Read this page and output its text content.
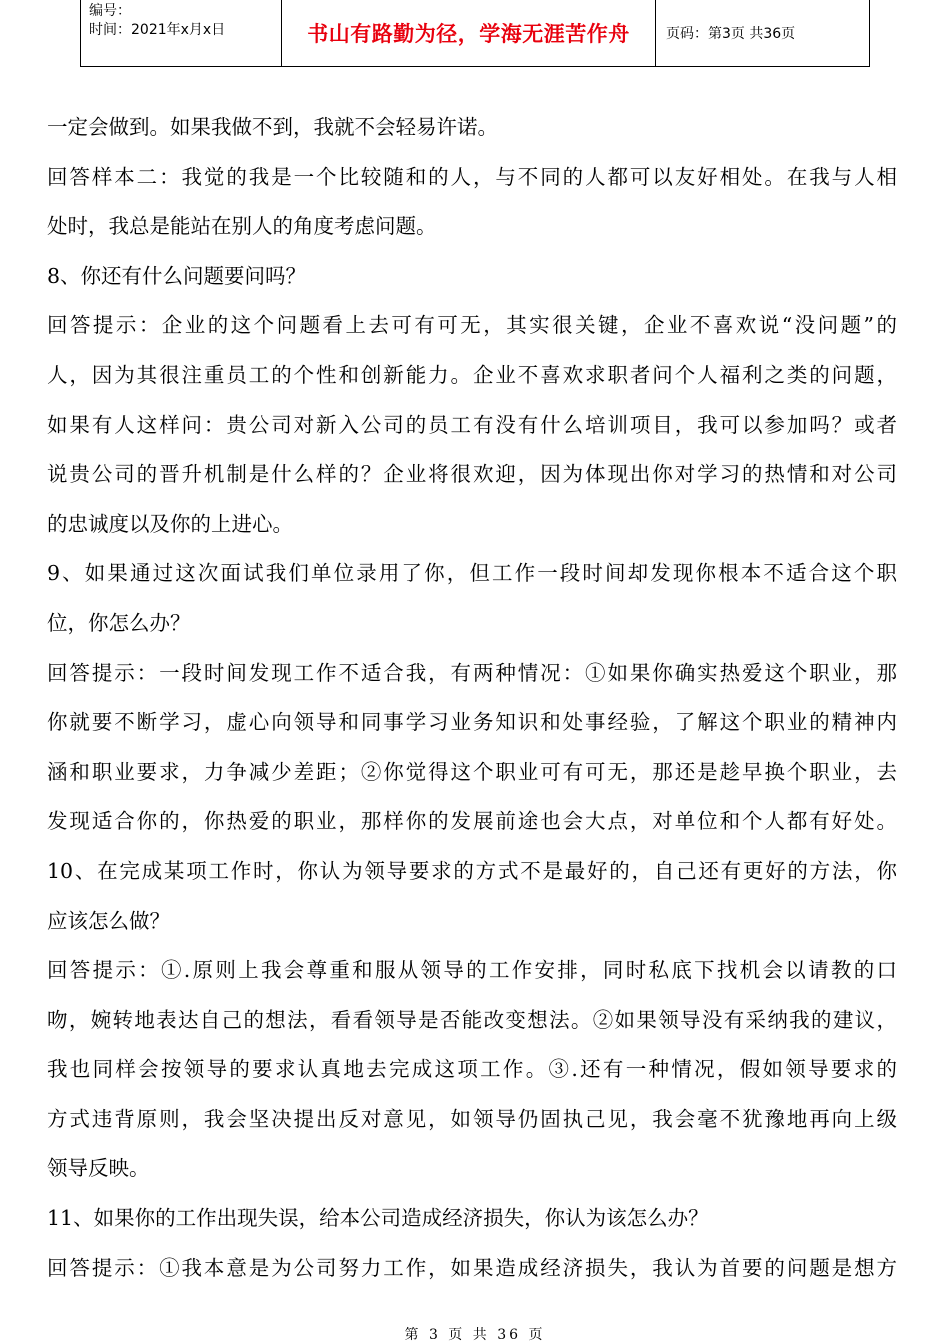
编号：
时间：2021年x月x日	书山有路勤为径，学海无涯苦作舟	页码：第3页 共36页
一定会做到。如果我做不到，我就不会轻易许诺。
回答样本二：我觉的我是一个比较随和的人，与不同的人都可以友好相处。在我与人相
处时，我总是能站在别人的角度考虑问题。
8、你还有什么问题要问吗？
回答提示：企业的这个问题看上去可有可无，其实很关键，企业不喜欢说“没问题”的
人，因为其很注重员工的个性和创新能力。企业不喜欢求职者问个人福利之类的问题，
如果有人这样问：贵公司对新入公司的员工有没有什么培训项目，我可以参加吗？或者
说贵公司的晋升机制是什么样的？企业将很欢迎，因为体现出你对学习的热情和对公司
的忠诚度以及你的上进心。
9、如果通过这次面试我们单位录用了你，但工作一段时间却发现你根本不适合这个职
位，你怎么办？
回答提示：一段时间发现工作不适合我，有两种情况：①如果你确实热爱这个职业，那
你就要不断学习，虚心向领导和同事学习业务知识和处事经验，了解这个职业的精神内
涵和职业要求，力争减少差距；②你觉得这个职业可有可无，那还是趁早换个职业，去
发现适合你的，你热爱的职业，那样你的发展前途也会大点，对单位和个人都有好处。
10、在完成某项工作时，你认为领导要求的方式不是最好的，自己还有更好的方法，你
应该怎么做？
回答提示：①.原则上我会尊重和服从领导的工作安排，同时私底下找机会以请教的口
吻，婉转地表达自己的想法，看看领导是否能改变想法。②如果领导没有采纳我的建议，
我也同样会按领导的要求认真地去完成这项工作。③.还有一种情况，假如领导要求的
方式违背原则，我会坚决提出反对意见，如领导仍固执己见，我会毫不犹豫地再向上级
领导反映。
11、如果你的工作出现失误，给本公司造成经济损失，你认为该怎么办？
回答提示：①我本意是为公司努力工作，如果造成经济损失，我认为首要的问题是想方
第 3 页 共 36 页
